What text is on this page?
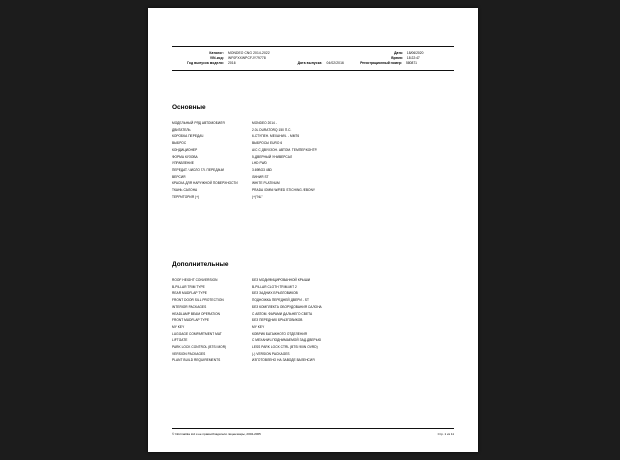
Каталог:	MONDEO CNG 2014-2022	Дата:	18/06/2020
VIN-код:	WF0FXXWPCFJY79778	Время:	18:22:47
Год выпуска модели:	2016	Дата выпуска:	04/02/2016	Регистрационный номер:	580871
Основные
МОДЕЛЬНЫЙ РЯД АВТОМОБИЛЯ	MONDEO 2014 -
ДВИГАТЕЛЬ	2.0L DURATORQ 150 П.С.
КОРОБКА ПЕРЕДАЧ	6-СТУПЕН. МЕХАНИЧ. - MMT6
ВЫБРОС	ВЫБРОСЫ EURO 6
КОНДИЦИОНЕР	A/C С ДВУХЗОН. АВТОМ. ТЕМПЕР.КОНТР.
ФОРМА КУЗОВА	5-ДВЕРНЫЙ УНИВЕРСАЛ
УПРАВЛЕНИЕ	LHD FWD
ПЕРЕДАТ. ЧИСЛО ГЛ. ПЕРЕДАЧИ	3.69BG3 48D
ВЕРСИЯ	ЛИНИЯ ST
КРАСКА ДЛЯ НАРУЖНОЙ ПОВЕРХНОСТИ	WHITE PLATINUM
ТКАНЬ САЛОНА	PRADA /OMNI W/RED STICHING /EBONY
ТЕРРИТОРИЯ (+)	(+)"NL"
Дополнительные
ROOF HEIGHT CONVERSION	БЕЗ МОДИФИЦИРОВАННОЙ КРЫШИ
B-PILLAR TRIM TYPE	B-PILLAR CLOTH TRIM-MIT 2
REAR MUDFLAP TYPE	БЕЗ ЗАДНИХ БРЫЗГОВИКОВ
FRONT DOOR SILL PROTECTION	ПОДНОЖКА ПЕРЕДНЕЙ ДВЕРИ - ST
INTERIOR PACKAGES	БЕЗ КОМПЛЕКТА ОБОРУДОВАНИЯ САЛОНА
HEADLAMP BEAM OPERATION	С АВТОМ. ФАРАМИ ДАЛЬНЕГО СВЕТА
FRONT MUDFLAP TYPE	БЕЗ ПЕРЕДНИХ БРЫЗГОВИКОВ
MY KEY	MY KEY
LUGGAGE COMPARTMENT MAT	КОВРИК БАГАЖНОГО ОТДЕЛЕНИЯ
LIFTGATE	С МЕХАНИЧ.ПОДНИМАЕМОЙ ЗАД.ДВЕРЬЮ
PARK LOCK CONTROL (BTSI MOR)	LESS PARK LOCK CTRL (BTSI 90IN OVRD)
VERSION PACKAGES	(-) VERSION PACKAGES
PLANT BUILD REQUIREMENTS	ИЗГОТОВЛЕНО НА ЗАВОДЕ ВАЛЕНСИЯ
© Informatika Ltd и ее правообладатели лицензиары, 2004-2005	Стр. 1 из 11
